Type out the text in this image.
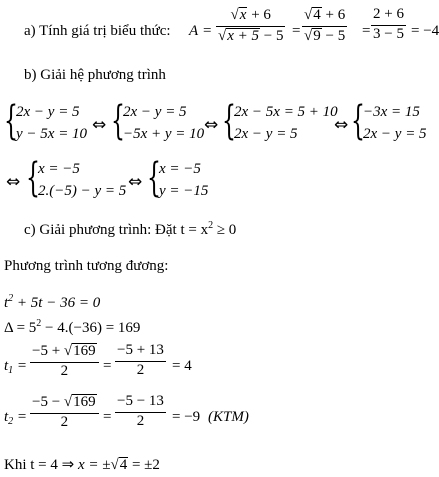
a) Tính giá trị biểu thức: A =
√x + 6
√x + 5 − 5 =
√4 + 6
√9 − 5 =
2 + 6
3 − 5 = −4
b) Giải hệ phương trình
{
2x − y = 5
y − 5x = 10 ⇔ {
2x − y = 5
−5x + y = 10 ⇔ {
2x − 5x = 5 + 10
2x − y = 5 ⇔ {
−3x = 15
2x − y = 5
⇔ {
x = −5
2.(−5) − y = 5 ⇔ {
x = −5
y = −15
c) Giải phương trình: Đặt $t = x^2 \ge 0$
Phương trình tương đương:
$t^2 + 5t - 36 = 0$
$\Delta = 5^2 - 4.(-36) = 169$
$t_1$ =
−5 + √169
2 =
−5 + 13
2 = 4
$t_2$ =
−5 − √169
2 =
−5 − 13
2 = −9 (KTM)
Khi t = 4 ⇒ x = ±√4 = ±2
